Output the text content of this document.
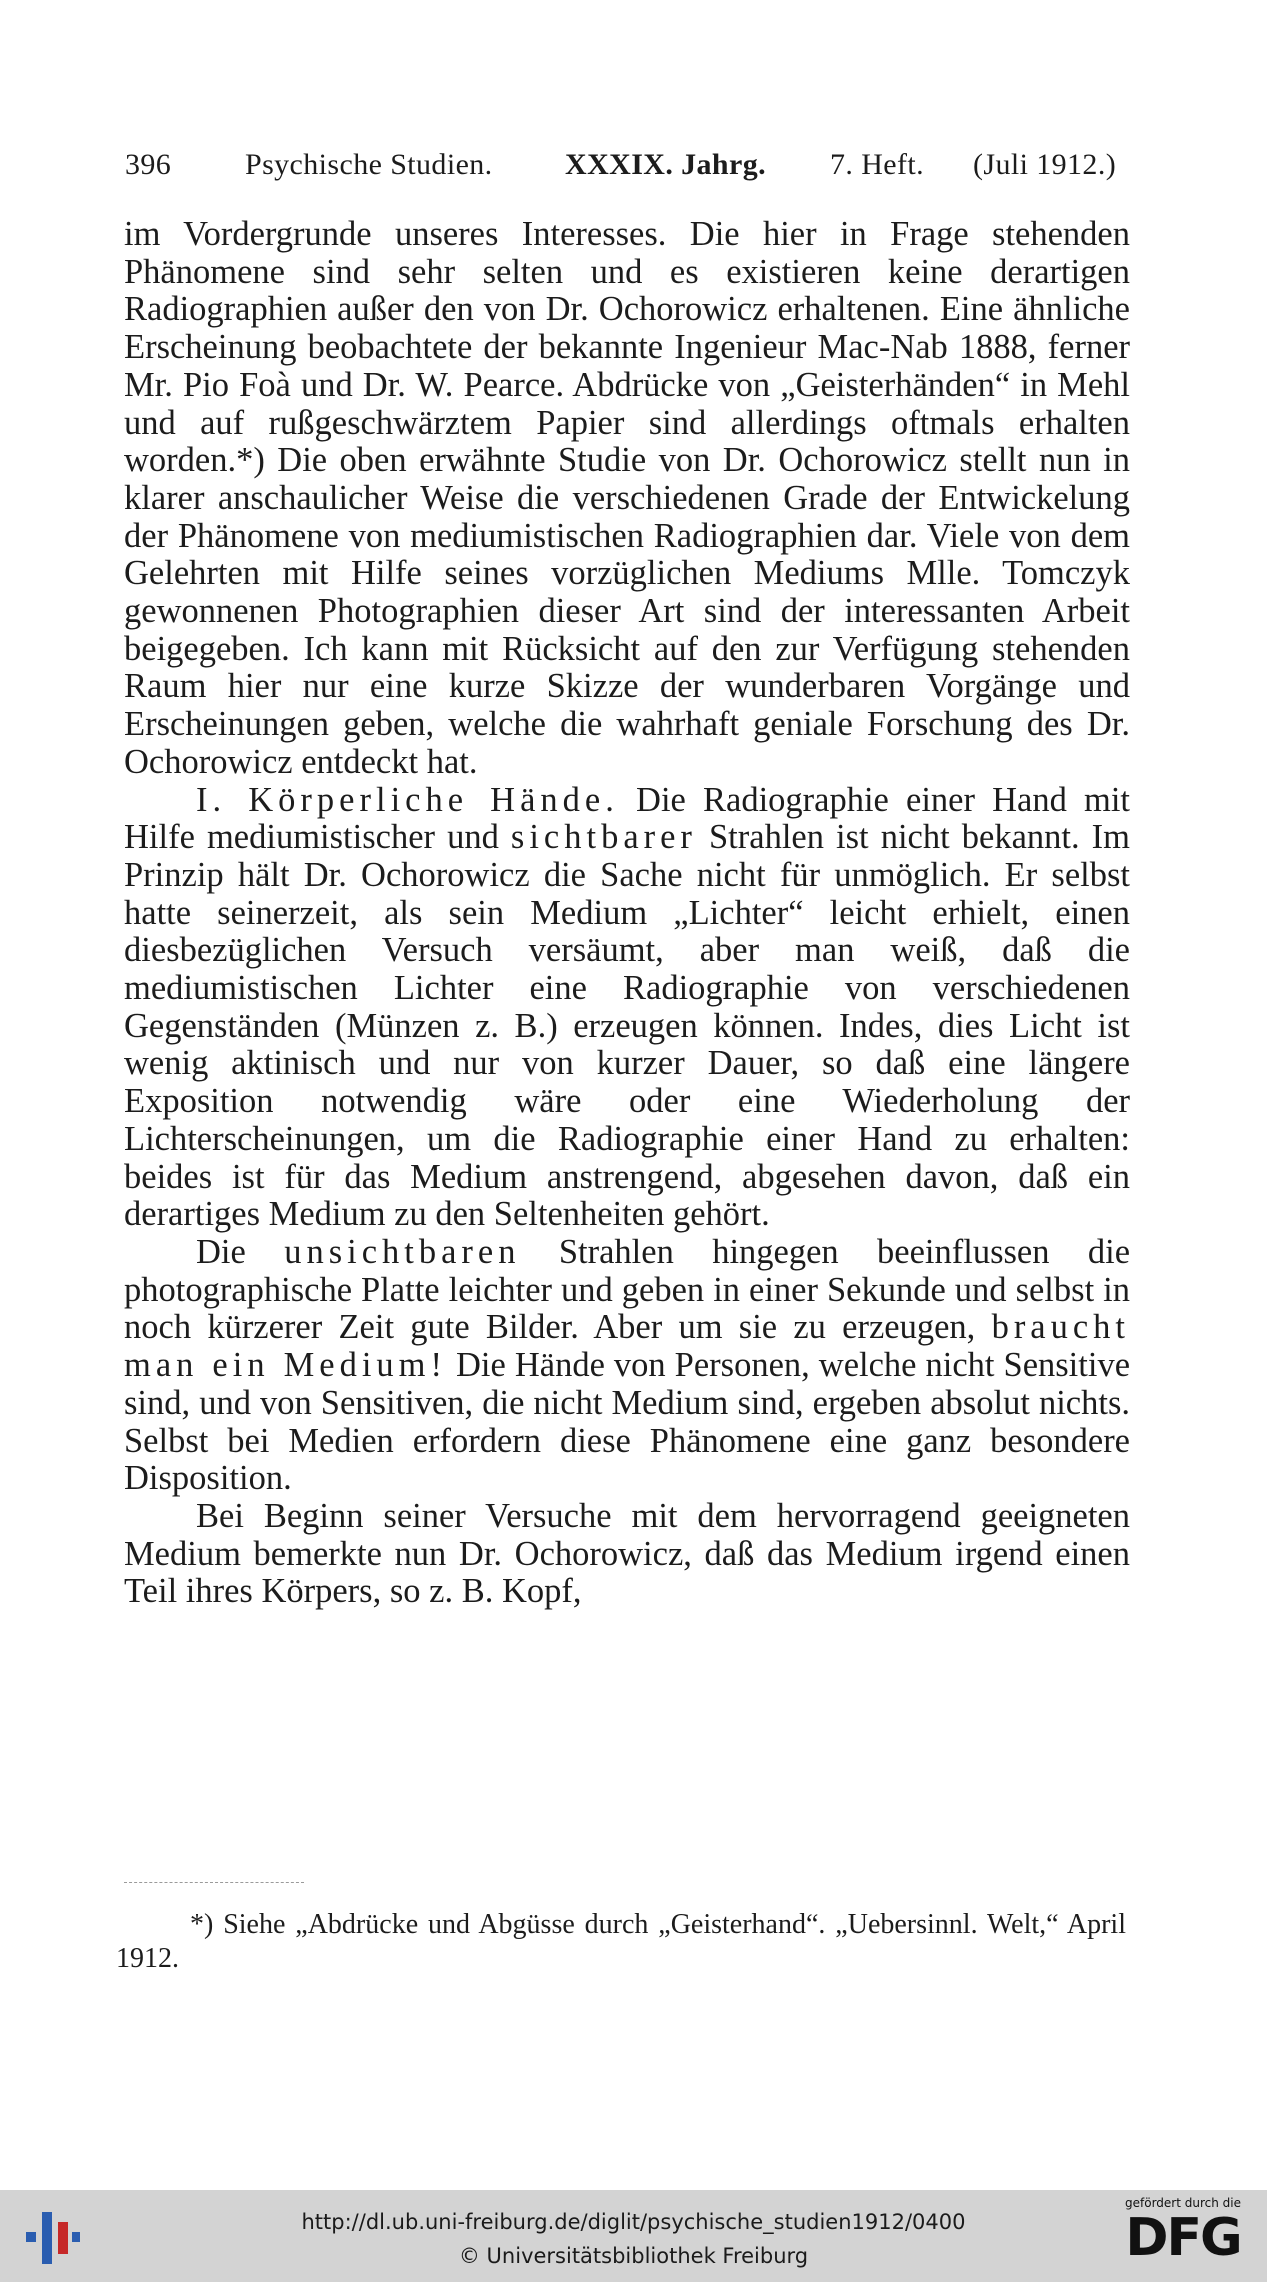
396 Psychische Studien. XXXIX. Jahrg. 7. Heft. (Juli 1912.)

im Vordergrunde unseres Interesses. Die hier in Frage stehenden Phänomene sind sehr selten und es existieren keine derartigen Radiographien außer den von Dr. Ochorowicz erhaltenen. Eine ähnliche Erscheinung beobachtete der bekannte Ingenieur Mac-Nab 1888, ferner Mr. Pio Foà und Dr. W. Pearce. Abdrücke von „Geisterhänden“ in Mehl und auf rußgeschwärztem Papier sind allerdings oftmals erhalten worden.*) Die oben erwähnte Studie von Dr. Ochorowicz stellt nun in klarer anschaulicher Weise die verschiedenen Grade der Entwickelung der Phänomene von mediumistischen Radiographien dar. Viele von dem Gelehrten mit Hilfe seines vorzüglichen Mediums Mlle. Tomczyk gewonnenen Photographien dieser Art sind der interessanten Arbeit beigegeben. Ich kann mit Rücksicht auf den zur Verfügung stehenden Raum hier nur eine kurze Skizze der wunderbaren Vorgänge und Erscheinungen geben, welche die wahrhaft geniale Forschung des Dr. Ochorowicz entdeckt hat.

I. Körperliche Hände. Die Radiographie einer Hand mit Hilfe mediumistischer und sichtbarer Strahlen ist nicht bekannt. Im Prinzip hält Dr. Ochorowicz die Sache nicht für unmöglich. Er selbst hatte seinerzeit, als sein Medium „Lichter“ leicht erhielt, einen diesbezüglichen Versuch versäumt, aber man weiß, daß die mediumistischen Lichter eine Radiographie von verschiedenen Gegenständen (Münzen z. B.) erzeugen können. Indes, dies Licht ist wenig aktinisch und nur von kurzer Dauer, so daß eine längere Exposition notwendig wäre oder eine Wiederholung der Lichterscheinungen, um die Radiographie einer Hand zu erhalten: beides ist für das Medium anstrengend, abgesehen davon, daß ein derartiges Medium zu den Seltenheiten gehört.

Die unsichtbaren Strahlen hingegen beeinflussen die photographische Platte leichter und geben in einer Sekunde und selbst in noch kürzerer Zeit gute Bilder. Aber um sie zu erzeugen, braucht man ein Medium! Die Hände von Personen, welche nicht Sensitive sind, und von Sensitiven, die nicht Medium sind, ergeben absolut nichts. Selbst bei Medien erfordern diese Phänomene eine ganz besondere Disposition.

Bei Beginn seiner Versuche mit dem hervorragend geeigneten Medium bemerkte nun Dr. Ochorowicz, daß das Medium irgend einen Teil ihres Körpers, so z. B. Kopf,

*) Siehe „Abdrücke und Abgüsse durch „Geisterhand“. „Uebersinnl. Welt,“ April 1912.

http://dl.ub.uni-freiburg.de/diglit/psychische_studien1912/0400
© Universitätsbibliothek Freiburg
gefördert durch die
DFG
